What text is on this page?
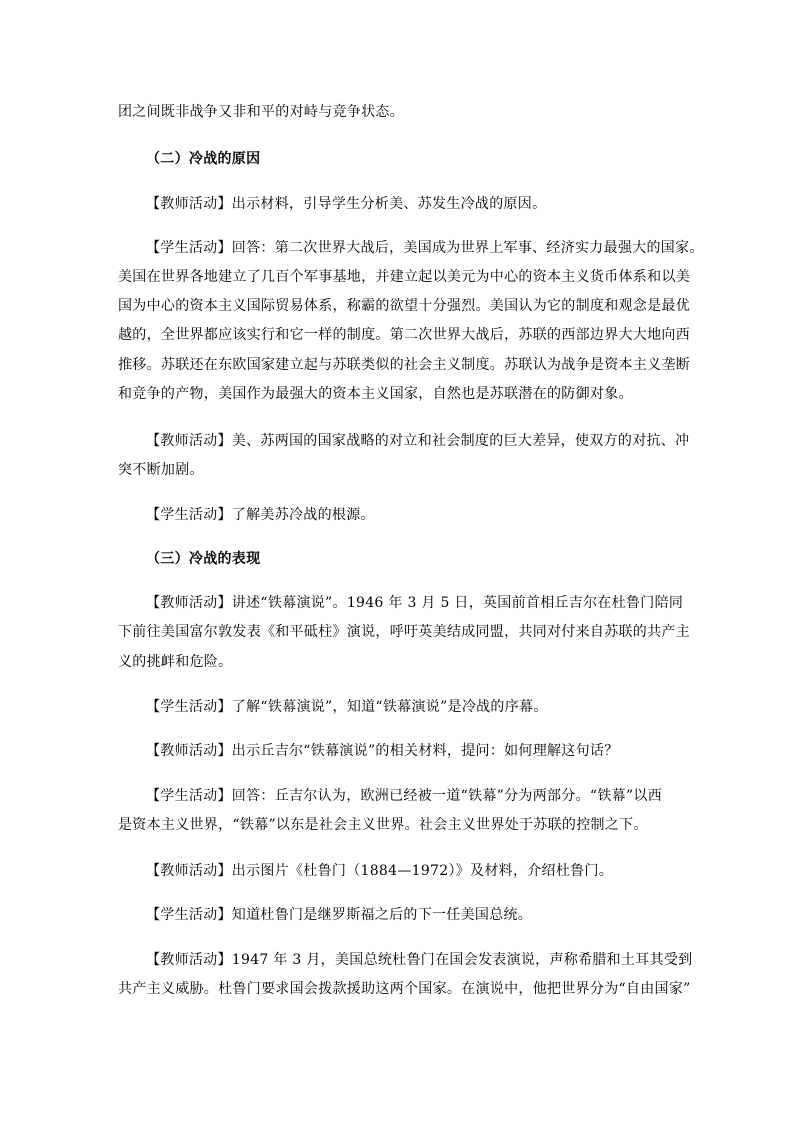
团之间既非战争又非和平的对峙与竞争状态。
（二）冷战的原因
【教师活动】出示材料，引导学生分析美、苏发生冷战的原因。
【学生活动】回答：第二次世界大战后，美国成为世界上军事、经济实力最强大的国家。
美国在世界各地建立了几百个军事基地，并建立起以美元为中心的资本主义货币体系和以美
国为中心的资本主义国际贸易体系，称霸的欲望十分强烈。美国认为它的制度和观念是最优
越的，全世界都应该实行和它一样的制度。第二次世界大战后，苏联的西部边界大大地向西
推移。苏联还在东欧国家建立起与苏联类似的社会主义制度。苏联认为战争是资本主义垄断
和竞争的产物，美国作为最强大的资本主义国家，自然也是苏联潜在的防御对象。
【教师活动】美、苏两国的国家战略的对立和社会制度的巨大差异，使双方的对抗、冲
突不断加剧。
【学生活动】了解美苏冷战的根源。
（三）冷战的表现
【教师活动】讲述“铁幕演说”。1946 年 3 月 5 日，英国前首相丘吉尔在杜鲁门陪同
下前往美国富尔敦发表《和平砥柱》演说，呼吁英美结成同盟，共同对付来自苏联的共产主
义的挑衅和危险。
【学生活动】了解“铁幕演说”，知道“铁幕演说”是冷战的序幕。
【教师活动】出示丘吉尔“铁幕演说”的相关材料，提问：如何理解这句话？
【学生活动】回答：丘吉尔认为，欧洲已经被一道“铁幕”分为两部分。“铁幕”以西
是资本主义世界，“铁幕”以东是社会主义世界。社会主义世界处于苏联的控制之下。
【教师活动】出示图片《杜鲁门（1884—1972）》及材料，介绍杜鲁门。
【学生活动】知道杜鲁门是继罗斯福之后的下一任美国总统。
【教师活动】1947 年 3 月，美国总统杜鲁门在国会发表演说，声称希腊和土耳其受到
共产主义威胁。杜鲁门要求国会拨款援助这两个国家。在演说中，他把世界分为“自由国家”
